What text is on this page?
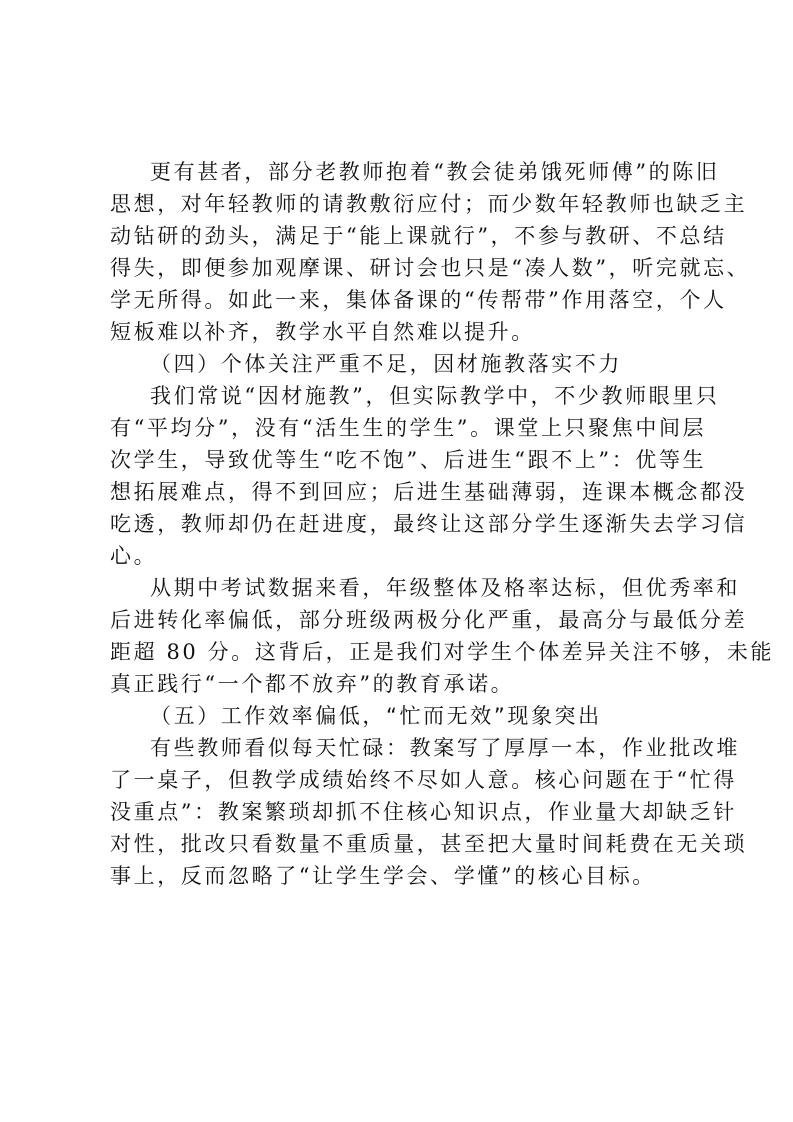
更有甚者，部分老教师抱着“教会徒弟饿死师傅”的陈旧
思想，对年轻教师的请教敷衍应付；而少数年轻教师也缺乏主
动钻研的劲头，满足于“能上课就行”，不参与教研、不总结
得失，即便参加观摩课、研讨会也只是“凑人数”，听完就忘、
学无所得。如此一来，集体备课的“传帮带”作用落空，个人
短板难以补齐，教学水平自然难以提升。
（四）个体关注严重不足，因材施教落实不力
我们常说“因材施教”，但实际教学中，不少教师眼里只
有“平均分”，没有“活生生的学生”。课堂上只聚焦中间层
次学生，导致优等生“吃不饱”、后进生“跟不上”：优等生
想拓展难点，得不到回应；后进生基础薄弱，连课本概念都没
吃透，教师却仍在赶进度，最终让这部分学生逐渐失去学习信
心。
从期中考试数据来看，年级整体及格率达标，但优秀率和
后进转化率偏低，部分班级两极分化严重，最高分与最低分差
距超 80 分。这背后，正是我们对学生个体差异关注不够，未能
真正践行“一个都不放弃”的教育承诺。
（五）工作效率偏低，“忙而无效”现象突出
有些教师看似每天忙碌：教案写了厚厚一本，作业批改堆
了一桌子，但教学成绩始终不尽如人意。核心问题在于“忙得
没重点”：教案繁琐却抓不住核心知识点，作业量大却缺乏针
对性，批改只看数量不重质量，甚至把大量时间耗费在无关琐
事上，反而忽略了“让学生学会、学懂”的核心目标。
